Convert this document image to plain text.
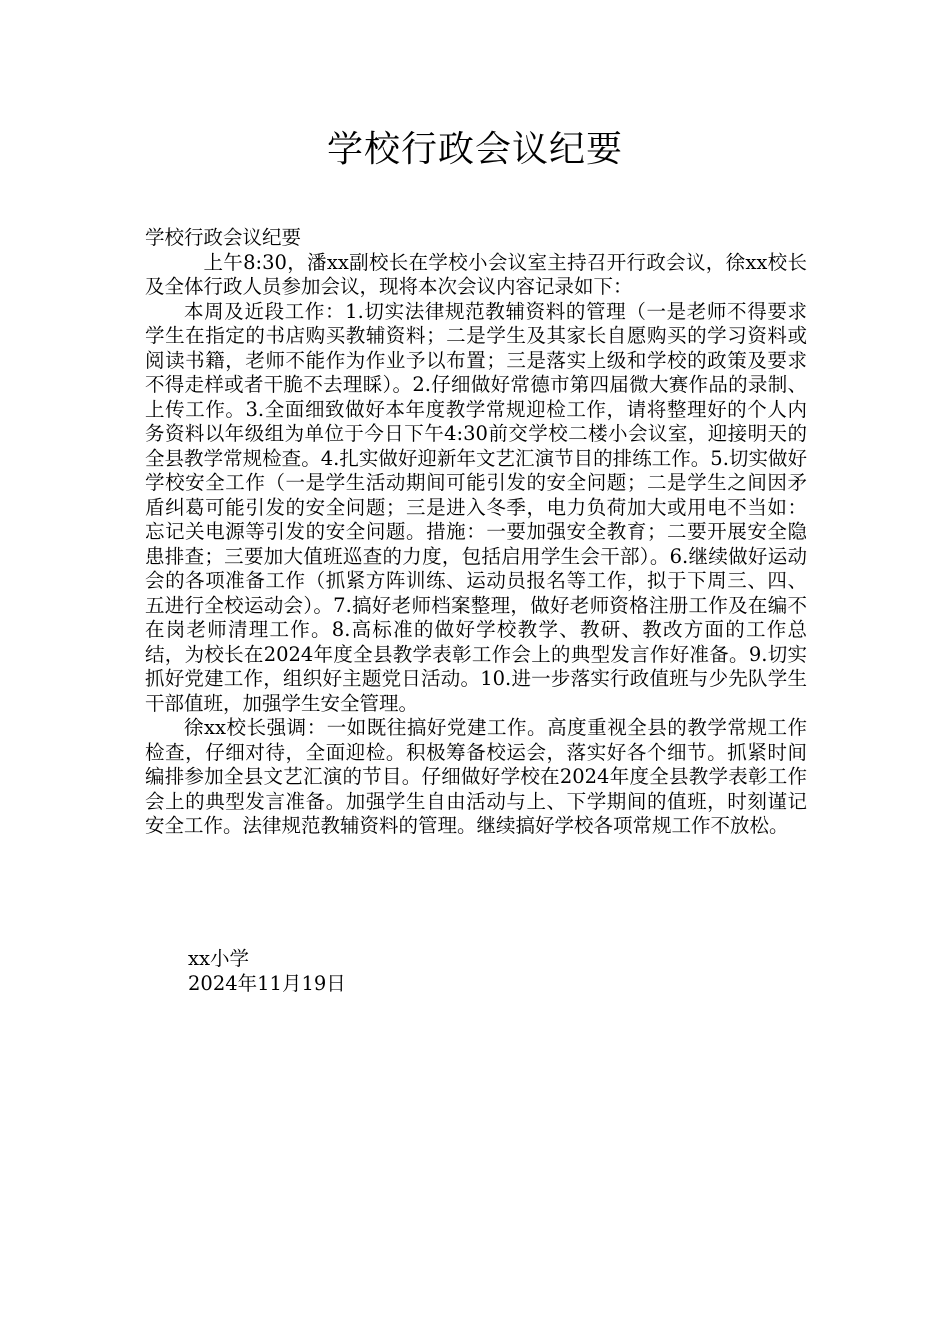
学校行政会议纪要

学校行政会议纪要

上午8:30，潘xx副校长在学校小会议室主持召开行政会议，徐xx校长及全体行政人员参加会议，现将本次会议内容记录如下：

本周及近段工作：1.切实法律规范教辅资料的管理（一是老师不得要求学生在指定的书店购买教辅资料；二是学生及其家长自愿购买的学习资料或阅读书籍，老师不能作为作业予以布置；三是落实上级和学校的政策及要求不得走样或者干脆不去理睬）。2.仔细做好常德市第四届微大赛作品的录制、上传工作。3.全面细致做好本年度教学常规迎检工作，请将整理好的个人内务资料以年级组为单位于今日下午4:30前交学校二楼小会议室，迎接明天的全县教学常规检查。4.扎实做好迎新年文艺汇演节目的排练工作。5.切实做好学校安全工作（一是学生活动期间可能引发的安全问题；二是学生之间因矛盾纠葛可能引发的安全问题；三是进入冬季，电力负荷加大或用电不当如：忘记关电源等引发的安全问题。措施：一要加强安全教育；二要开展安全隐患排查；三要加大值班巡查的力度，包括启用学生会干部）。6.继续做好运动会的各项准备工作（抓紧方阵训练、运动员报名等工作，拟于下周三、四、五进行全校运动会）。7.搞好老师档案整理，做好老师资格注册工作及在编不在岗老师清理工作。8.高标准的做好学校教学、教研、教改方面的工作总结，为校长在2024年度全县教学表彰工作会上的典型发言作好准备。9.切实抓好党建工作，组织好主题党日活动。10.进一步落实行政值班与少先队学生干部值班，加强学生安全管理。

徐xx校长强调：一如既往搞好党建工作。高度重视全县的教学常规工作检查，仔细对待，全面迎检。积极筹备校运会，落实好各个细节。抓紧时间编排参加全县文艺汇演的节目。仔细做好学校在2024年度全县教学表彰工作会上的典型发言准备。加强学生自由活动与上、下学期间的值班，时刻谨记安全工作。法律规范教辅资料的管理。继续搞好学校各项常规工作不放松。

xx小学
2024年11月19日
